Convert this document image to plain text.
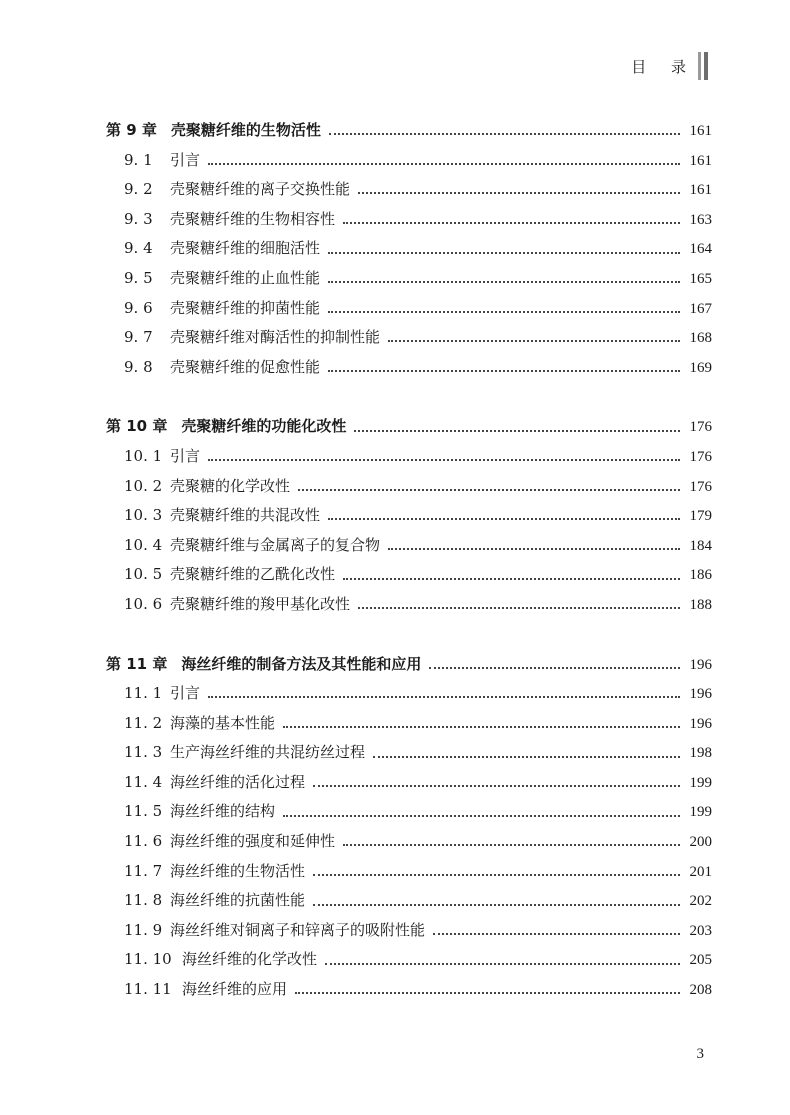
目 录
第 9 章 壳聚糖纤维的生物活性	161
9. 1	引言	161
9. 2	壳聚糖纤维的离子交换性能	161
9. 3	壳聚糖纤维的生物相容性	163
9. 4	壳聚糖纤维的细胞活性	164
9. 5	壳聚糖纤维的止血性能	165
9. 6	壳聚糖纤维的抑菌性能	167
9. 7	壳聚糖纤维对酶活性的抑制性能	168
9. 8	壳聚糖纤维的促愈性能	169
第 10 章 壳聚糖纤维的功能化改性	176
10. 1 引言	176
10. 2 壳聚糖的化学改性	176
10. 3 壳聚糖纤维的共混改性	179
10. 4 壳聚糖纤维与金属离子的复合物	184
10. 5 壳聚糖纤维的乙酰化改性	186
10. 6 壳聚糖纤维的羧甲基化改性	188
第 11 章 海丝纤维的制备方法及其性能和应用	196
11. 1 引言	196
11. 2 海藻的基本性能	196
11. 3 生产海丝纤维的共混纺丝过程	198
11. 4 海丝纤维的活化过程	199
11. 5 海丝纤维的结构	199
11. 6 海丝纤维的强度和延伸性	200
11. 7 海丝纤维的生物活性	201
11. 8 海丝纤维的抗菌性能	202
11. 9 海丝纤维对铜离子和锌离子的吸附性能	203
11. 10 海丝纤维的化学改性	205
11. 11 海丝纤维的应用	208
3
